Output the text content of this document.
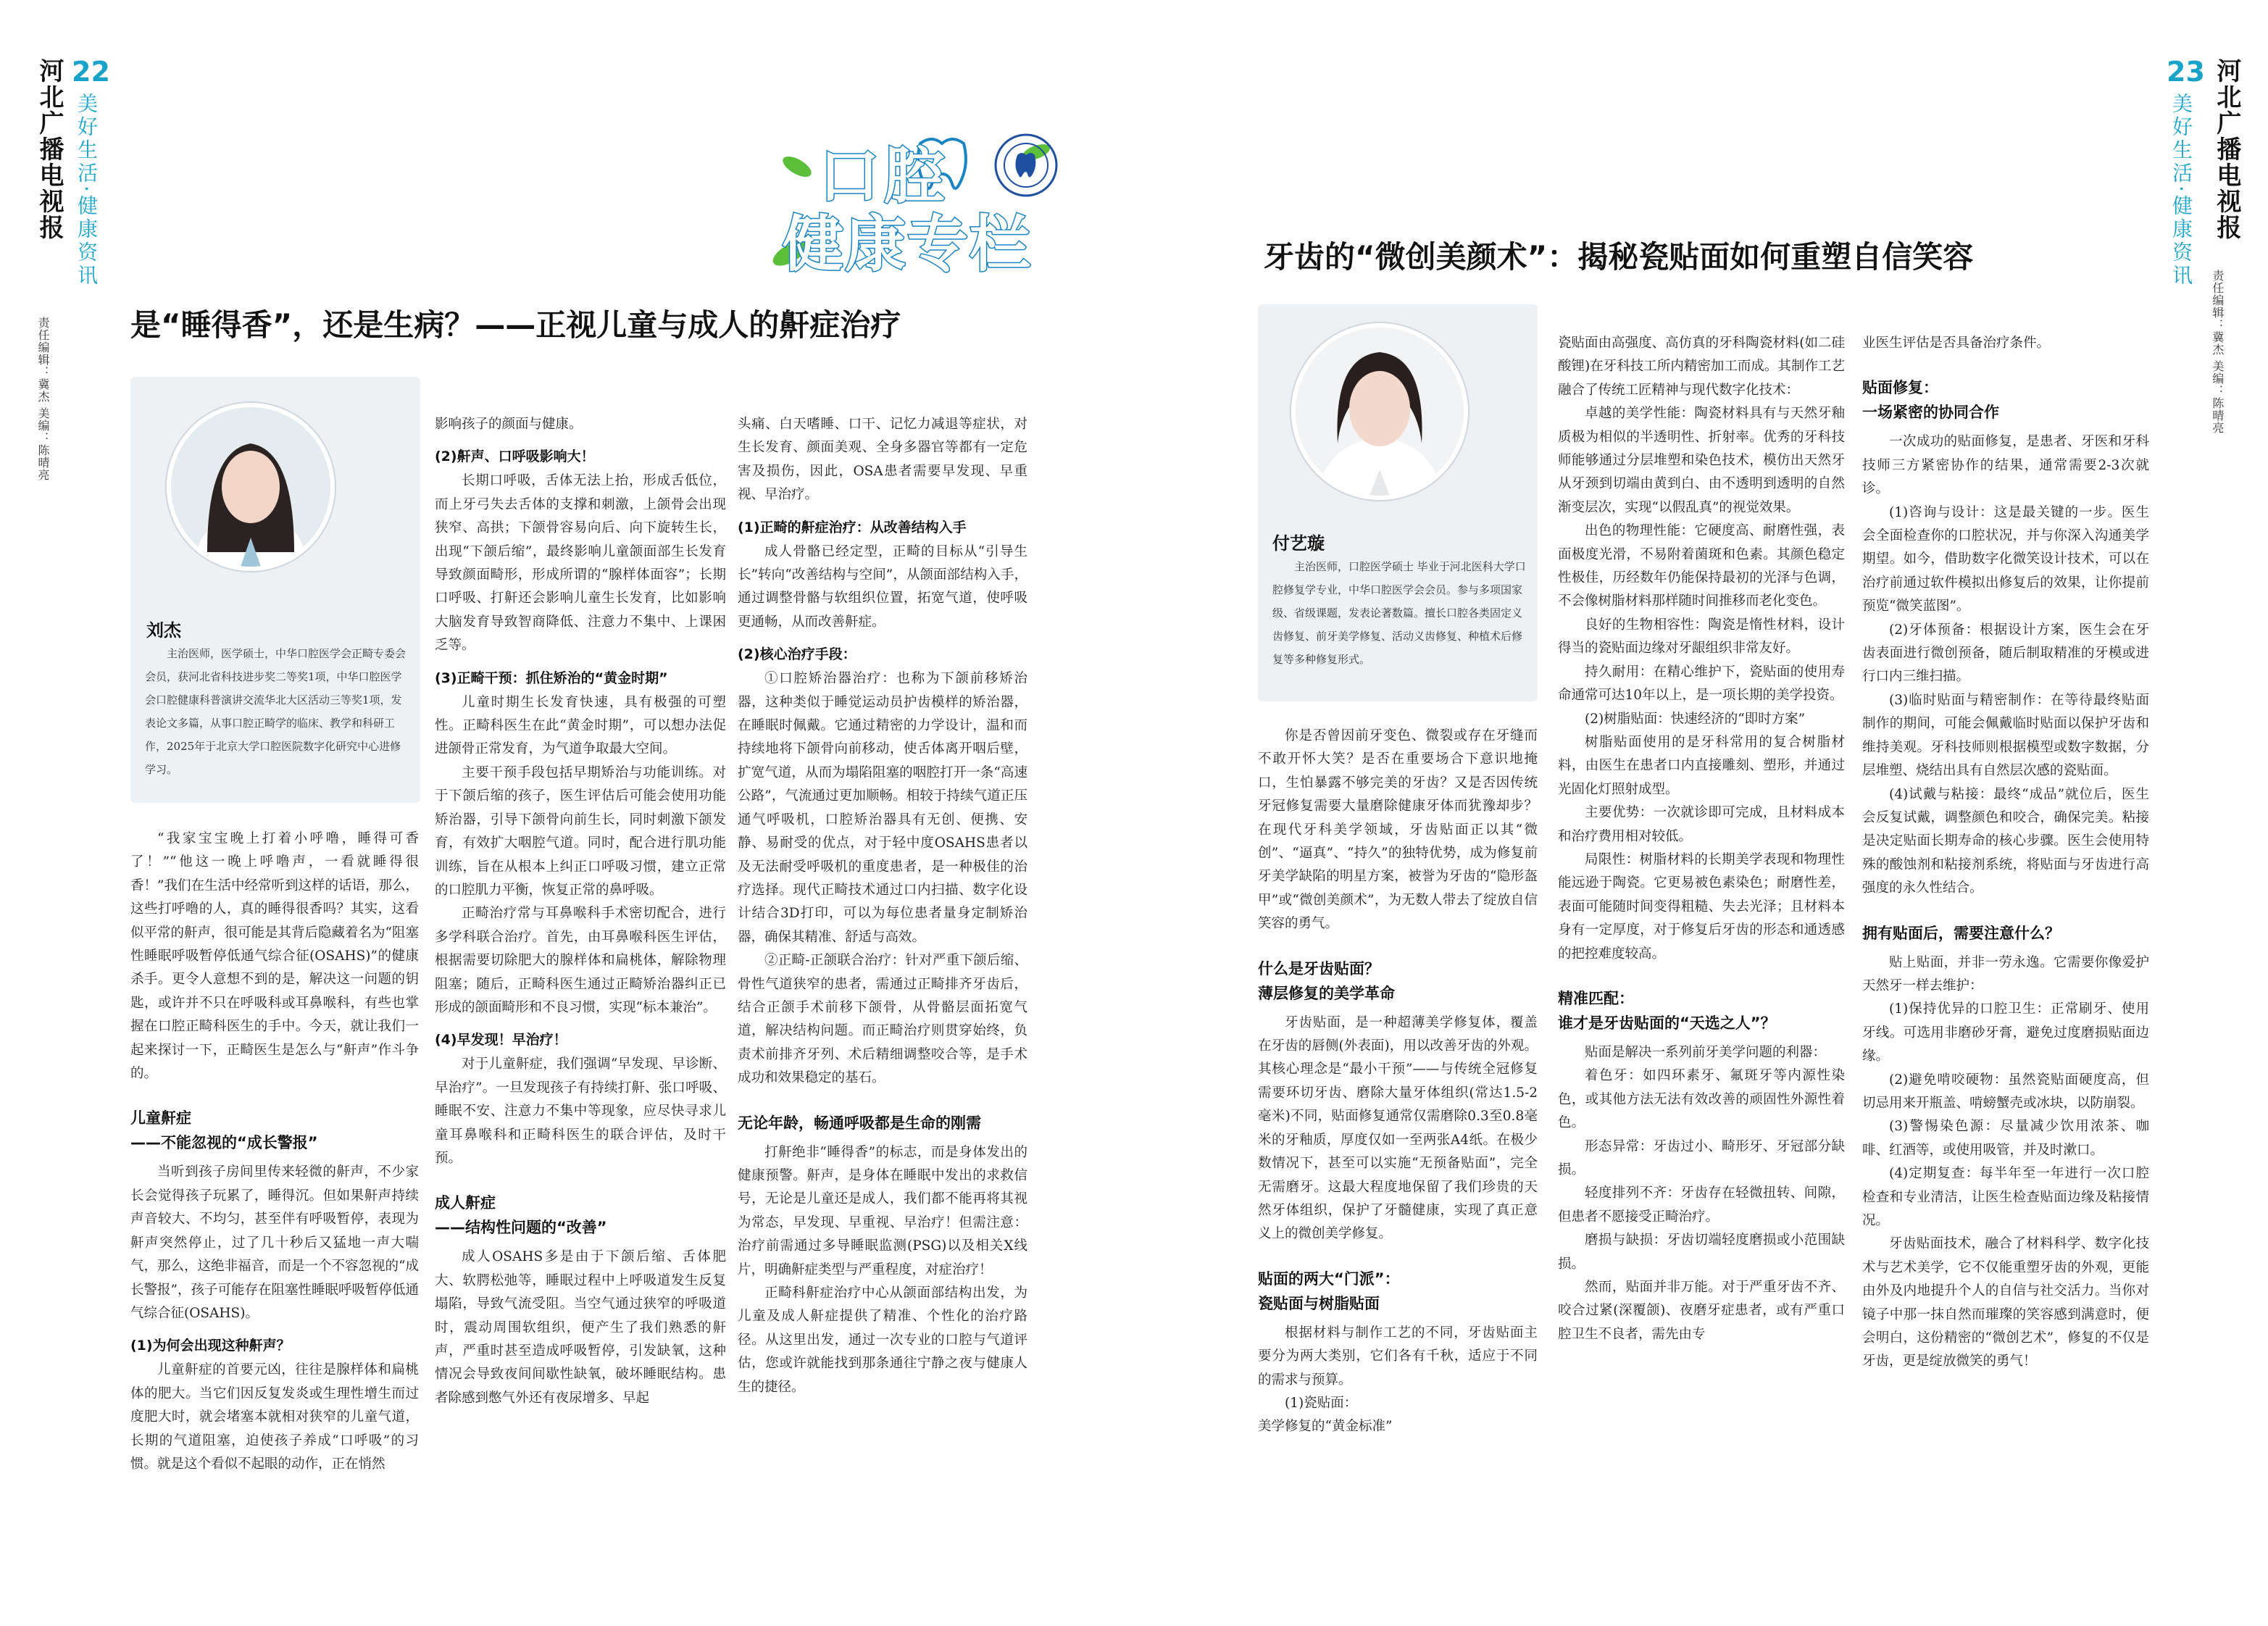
河北广播电视报 22
美好生活·健康资讯
责任编辑：冀杰 美编：陈晴亮
23
美好生活·健康资讯 河北广播电视报
责任编辑：冀杰 美编：陈晴亮
口腔
健康专栏
是“睡得香”，还是生病？——正视儿童与成人的鼾症治疗
刘杰
主治医师，医学硕士，中华口腔医学会正畸专委会会员，获河北省科技进步奖二等奖1项，中华口腔医学会口腔健康科普演讲交流华北大区活动三等奖1项，发表论文多篇，从事口腔正畸学的临床、教学和科研工作，2025年于北京大学口腔医院数字化研究中心进修学习。

“我家宝宝晚上打着小呼噜，睡得可香了！”“他这一晚上呼噜声，一看就睡得很香！”我们在生活中经常听到这样的话语，那么，这些打呼噜的人，真的睡得很香吗？其实，这看似平常的鼾声，很可能是其背后隐藏着名为“阻塞性睡眠呼吸暂停低通气综合征(OSAHS)”的健康杀手。更令人意想不到的是，解决这一问题的钥匙，或许并不只在呼吸科或耳鼻喉科，有些也掌握在口腔正畸科医生的手中。今天，就让我们一起来探讨一下，正畸医生是怎么与“鼾声”作斗争的。

儿童鼾症
——不能忽视的“成长警报”

当听到孩子房间里传来轻微的鼾声，不少家长会觉得孩子玩累了，睡得沉。但如果鼾声持续声音较大、不均匀，甚至伴有呼吸暂停，表现为鼾声突然停止，过了几十秒后又猛地一声大喘气，那么，这绝非福音，而是一个不容忽视的“成长警报”，孩子可能存在阻塞性睡眠呼吸暂停低通气综合征(OSAHS)。

(1)为何会出现这种鼾声？

儿童鼾症的首要元凶，往往是腺样体和扁桃体的肥大。当它们因反复发炎或生理性增生而过度肥大时，就会堵塞本就相对狭窄的儿童气道，长期的气道阻塞，迫使孩子养成“口呼吸”的习惯。就是这个看似不起眼的动作，正在悄然

影响孩子的颜面与健康。

(2)鼾声、口呼吸影响大！

长期口呼吸，舌体无法上抬，形成舌低位，而上牙弓失去舌体的支撑和刺激，上颌骨会出现狭窄、高拱；下颌骨容易向后、向下旋转生长，出现“下颌后缩”，最终影响儿童颌面部生长发育导致颜面畸形，形成所谓的“腺样体面容”；长期口呼吸、打鼾还会影响儿童生长发育，比如影响大脑发育导致智商降低、注意力不集中、上课困乏等。

(3)正畸干预：抓住矫治的“黄金时期”

儿童时期生长发育快速，具有极强的可塑性。正畸科医生在此“黄金时期”，可以想办法促进颌骨正常发育，为气道争取最大空间。

主要干预手段包括早期矫治与功能训练。对于下颌后缩的孩子，医生评估后可能会使用功能矫治器，引导下颌骨向前生长，同时刺激下颌发育，有效扩大咽腔气道。同时，配合进行肌功能训练，旨在从根本上纠正口呼吸习惯，建立正常的口腔肌力平衡，恢复正常的鼻呼吸。

正畸治疗常与耳鼻喉科手术密切配合，进行多学科联合治疗。首先，由耳鼻喉科医生评估，根据需要切除肥大的腺样体和扁桃体，解除物理阻塞；随后，正畸科医生通过正畸矫治器纠正已形成的颌面畸形和不良习惯，实现“标本兼治”。

(4)早发现！早治疗！

对于儿童鼾症，我们强调“早发现、早诊断、早治疗”。一旦发现孩子有持续打鼾、张口呼吸、睡眠不安、注意力不集中等现象，应尽快寻求儿童耳鼻喉科和正畸科医生的联合评估，及时干预。

成人鼾症
——结构性问题的“改善”

成人OSAHS多是由于下颌后缩、舌体肥大、软腭松弛等，睡眠过程中上呼吸道发生反复塌陷，导致气流受阻。当空气通过狭窄的呼吸道时，震动周围软组织，便产生了我们熟悉的鼾声，严重时甚至造成呼吸暂停，引发缺氧，这种情况会导致夜间间歇性缺氧，破坏睡眠结构。患者除感到憋气外还有夜尿增多、早起

头痛、白天嗜睡、口干、记忆力减退等症状，对生长发育、颜面美观、全身多器官等都有一定危害及损伤，因此，OSA患者需要早发现、早重视、早治疗。

(1)正畸的鼾症治疗：从改善结构入手

成人骨骼已经定型，正畸的目标从“引导生长”转向“改善结构与空间”，从颌面部结构入手，通过调整骨骼与软组织位置，拓宽气道，使呼吸更通畅，从而改善鼾症。

(2)核心治疗手段：

①口腔矫治器治疗：也称为下颌前移矫治器，这种类似于睡觉运动员护齿模样的矫治器，在睡眠时佩戴。它通过精密的力学设计，温和而持续地将下颌骨向前移动，使舌体离开咽后壁，扩宽气道，从而为塌陷阻塞的咽腔打开一条“高速公路”，气流通过更加顺畅。相较于持续气道正压通气呼吸机，口腔矫治器具有无创、便携、安静、易耐受的优点，对于轻中度OSAHS患者以及无法耐受呼吸机的重度患者，是一种极佳的治疗选择。现代正畸技术通过口内扫描、数字化设计结合3D打印，可以为每位患者量身定制矫治器，确保其精准、舒适与高效。

②正畸-正颌联合治疗：针对严重下颌后缩、骨性气道狭窄的患者，需通过正畸排齐牙齿后，结合正颌手术前移下颌骨，从骨骼层面拓宽气道，解决结构问题。而正畸治疗则贯穿始终，负责术前排齐牙列、术后精细调整咬合等，是手术成功和效果稳定的基石。

无论年龄，畅通呼吸都是生命的刚需

打鼾绝非“睡得香”的标志，而是身体发出的健康预警。鼾声，是身体在睡眠中发出的求救信号，无论是儿童还是成人，我们都不能再将其视为常态，早发现、早重视、早治疗！但需注意：治疗前需通过多导睡眠监测(PSG)以及相关X线片，明确鼾症类型与严重程度，对症治疗！

正畸科鼾症治疗中心从颌面部结构出发，为儿童及成人鼾症提供了精准、个性化的治疗路径。从这里出发，通过一次专业的口腔与气道评估，您或许就能找到那条通往宁静之夜与健康人生的捷径。

牙齿的“微创美颜术”：揭秘瓷贴面如何重塑自信笑容
付艺璇
主治医师，口腔医学硕士 毕业于河北医科大学口腔修复学专业，中华口腔医学会会员。参与多项国家级、省级课题，发表论著数篇。擅长口腔各类固定义齿修复、前牙美学修复、活动义齿修复、种植术后修复等多种修复形式。

你是否曾因前牙变色、微裂或存在牙缝而不敢开怀大笑？是否在重要场合下意识地掩口，生怕暴露不够完美的牙齿？又是否因传统牙冠修复需要大量磨除健康牙体而犹豫却步？在现代牙科美学领域，牙齿贴面正以其“微创”、“逼真”、“持久”的独特优势，成为修复前牙美学缺陷的明星方案，被誉为牙齿的“隐形盔甲”或“微创美颜术”，为无数人带去了绽放自信笑容的勇气。

什么是牙齿贴面？
薄层修复的美学革命

牙齿贴面，是一种超薄美学修复体，覆盖在牙齿的唇侧(外表面)，用以改善牙齿的外观。其核心理念是“最小干预”——与传统全冠修复需要环切牙齿、磨除大量牙体组织(常达1.5-2毫米)不同，贴面修复通常仅需磨除0.3至0.8毫米的牙釉质，厚度仅如一至两张A4纸。在极少数情况下，甚至可以实施“无预备贴面”，完全无需磨牙。这最大程度地保留了我们珍贵的天然牙体组织，保护了牙髓健康，实现了真正意义上的微创美学修复。

贴面的两大“门派”：
瓷贴面与树脂贴面

根据材料与制作工艺的不同，牙齿贴面主要分为两大类别，它们各有千秋，适应于不同的需求与预算。

(1)瓷贴面：

美学修复的“黄金标准”

瓷贴面由高强度、高仿真的牙科陶瓷材料(如二硅酸锂)在牙科技工所内精密加工而成。其制作工艺融合了传统工匠精神与现代数字化技术：

卓越的美学性能：陶瓷材料具有与天然牙釉质极为相似的半透明性、折射率。优秀的牙科技师能够通过分层堆塑和染色技术，模仿出天然牙从牙颈到切端由黄到白、由不透明到透明的自然渐变层次，实现“以假乱真”的视觉效果。

出色的物理性能：它硬度高、耐磨性强，表面极度光滑，不易附着菌斑和色素。其颜色稳定性极佳，历经数年仍能保持最初的光泽与色调，不会像树脂材料那样随时间推移而老化变色。

良好的生物相容性：陶瓷是惰性材料，设计得当的瓷贴面边缘对牙龈组织非常友好。

持久耐用：在精心维护下，瓷贴面的使用寿命通常可达10年以上，是一项长期的美学投资。

(2)树脂贴面：快速经济的“即时方案”

树脂贴面使用的是牙科常用的复合树脂材料，由医生在患者口内直接雕刻、塑形，并通过光固化灯照射成型。

主要优势：一次就诊即可完成，且材料成本和治疗费用相对较低。

局限性：树脂材料的长期美学表现和物理性能远逊于陶瓷。它更易被色素染色；耐磨性差，表面可能随时间变得粗糙、失去光泽；且材料本身有一定厚度，对于修复后牙齿的形态和通透感的把控难度较高。

精准匹配：
谁才是牙齿贴面的“天选之人”？

贴面是解决一系列前牙美学问题的利器：

着色牙：如四环素牙、氟斑牙等内源性染色，或其他方法无法有效改善的顽固性外源性着色。

形态异常：牙齿过小、畸形牙、牙冠部分缺损。

轻度排列不齐：牙齿存在轻微扭转、间隙，但患者不愿接受正畸治疗。

磨损与缺损：牙齿切端轻度磨损或小范围缺损。

然而，贴面并非万能。对于严重牙齿不齐、咬合过紧(深覆颌)、夜磨牙症患者，或有严重口腔卫生不良者，需先由专

业医生评估是否具备治疗条件。

贴面修复：
一场紧密的协同合作

一次成功的贴面修复，是患者、牙医和牙科技师三方紧密协作的结果，通常需要2-3次就诊。

(1)咨询与设计：这是最关键的一步。医生会全面检查你的口腔状况，并与你深入沟通美学期望。如今，借助数字化微笑设计技术，可以在治疗前通过软件模拟出修复后的效果，让你提前预览“微笑蓝图”。

(2)牙体预备：根据设计方案，医生会在牙齿表面进行微创预备，随后制取精准的牙模或进行口内三维扫描。

(3)临时贴面与精密制作：在等待最终贴面制作的期间，可能会佩戴临时贴面以保护牙齿和维持美观。牙科技师则根据模型或数字数据，分层堆塑、烧结出具有自然层次感的瓷贴面。

(4)试戴与粘接：最终“成品”就位后，医生会反复试戴，调整颜色和咬合，确保完美。粘接是决定贴面长期寿命的核心步骤。医生会使用特殊的酸蚀剂和粘接剂系统，将贴面与牙齿进行高强度的永久性结合。

拥有贴面后，需要注意什么？

贴上贴面，并非一劳永逸。它需要你像爱护天然牙一样去维护：

(1)保持优异的口腔卫生：正常刷牙、使用牙线。可选用非磨砂牙膏，避免过度磨损贴面边缘。

(2)避免啃咬硬物：虽然瓷贴面硬度高，但切忌用来开瓶盖、啃螃蟹壳或冰块，以防崩裂。

(3)警惕染色源：尽量减少饮用浓茶、咖啡、红酒等，或使用吸管，并及时漱口。

(4)定期复查：每半年至一年进行一次口腔检查和专业清洁，让医生检查贴面边缘及粘接情况。

牙齿贴面技术，融合了材料科学、数字化技术与艺术美学，它不仅能重塑牙齿的外观，更能由外及内地提升个人的自信与社交活力。当你对镜子中那一抹自然而璀璨的笑容感到满意时，便会明白，这份精密的“微创艺术”，修复的不仅是牙齿，更是绽放微笑的勇气！
